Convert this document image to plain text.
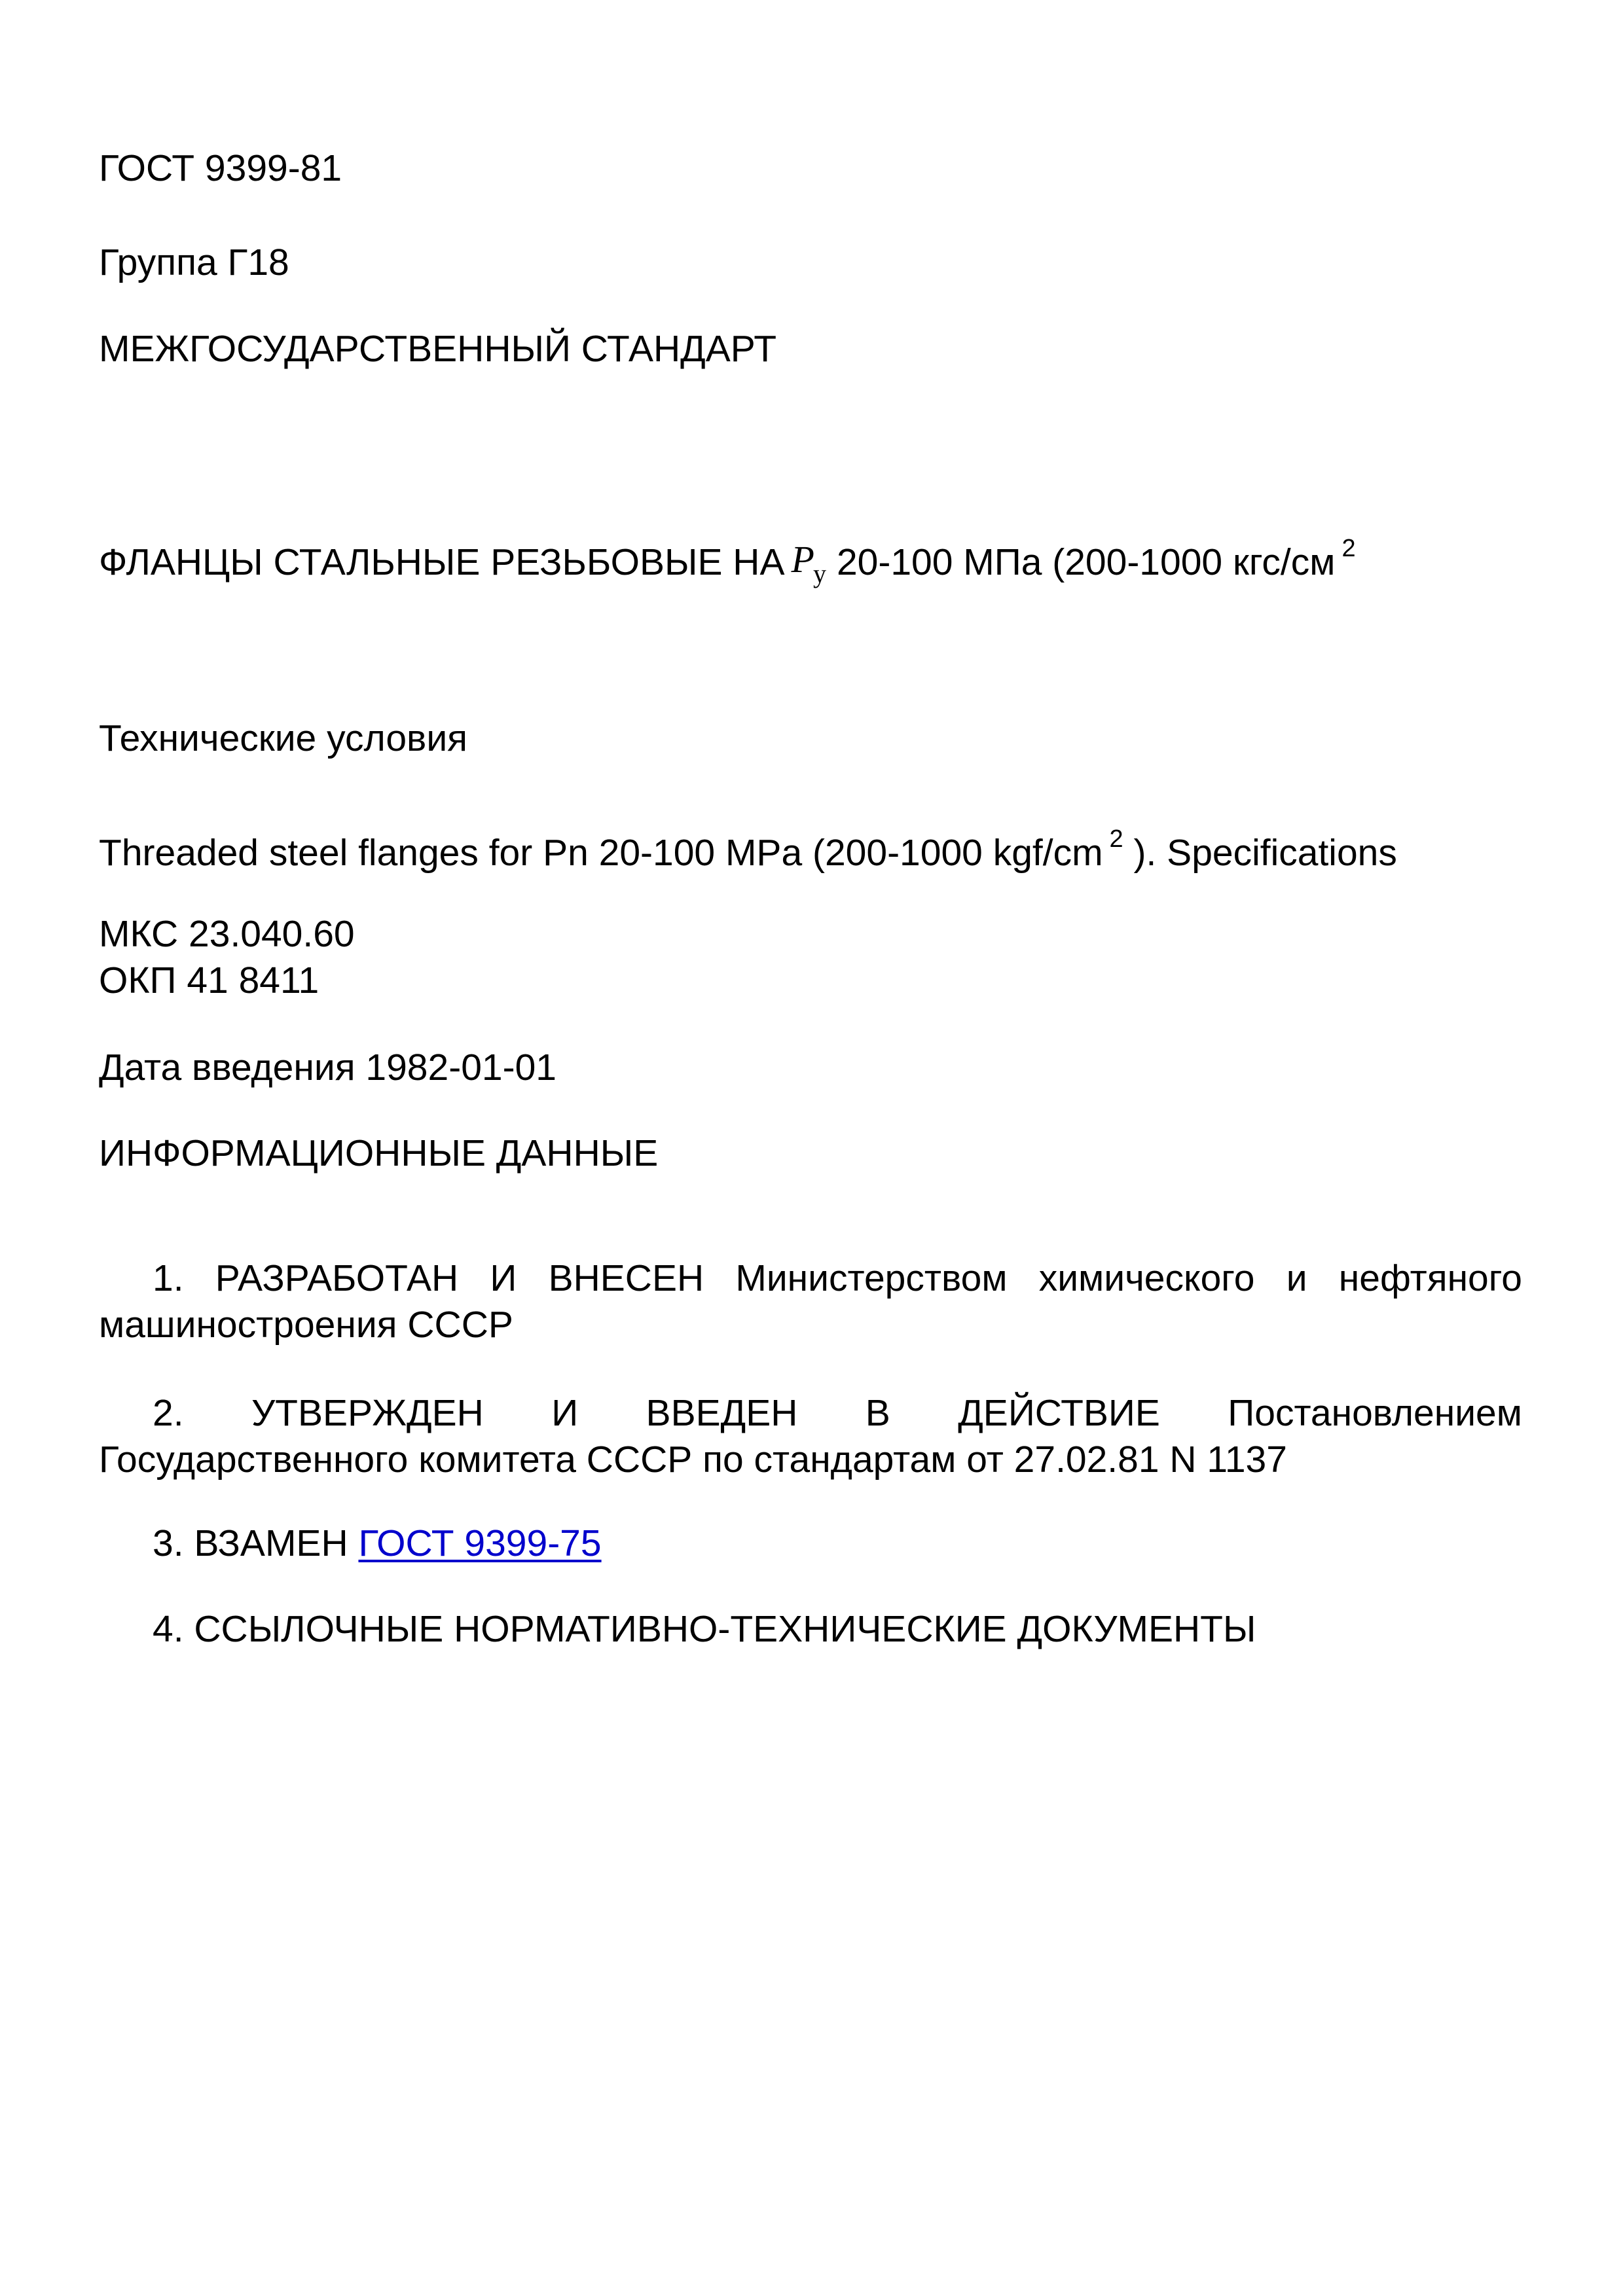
ГОСТ 9399-81
Группа Г18
МЕЖГОСУДАРСТВЕННЫЙ СТАНДАРТ
ФЛАНЦЫ СТАЛЬНЫЕ РЕЗЬБОВЫЕ НА $P_у$ 20-100 МПа (200-1000 кгс/см $^2$
Технические условия
Threaded steel flanges for Pn 20-100 MPa (200-1000 kgf/cm $^2$ ). Specifications
МКС 23.040.60
ОКП 41 8411
Дата введения 1982-01-01
ИНФОРМАЦИОННЫЕ ДАННЫЕ
1. РАЗРАБОТАН И ВНЕСЕН Министерством химического и нефтяного машиностроения СССР
2. УТВЕРЖДЕН И ВВЕДЕН В ДЕЙСТВИЕ Постановлением
Государственного комитета СССР по стандартам от 27.02.81 N 1137
3. ВЗАМЕН ГОСТ 9399-75
4. ССЫЛОЧНЫЕ НОРМАТИВНО-ТЕХНИЧЕСКИЕ ДОКУМЕНТЫ
